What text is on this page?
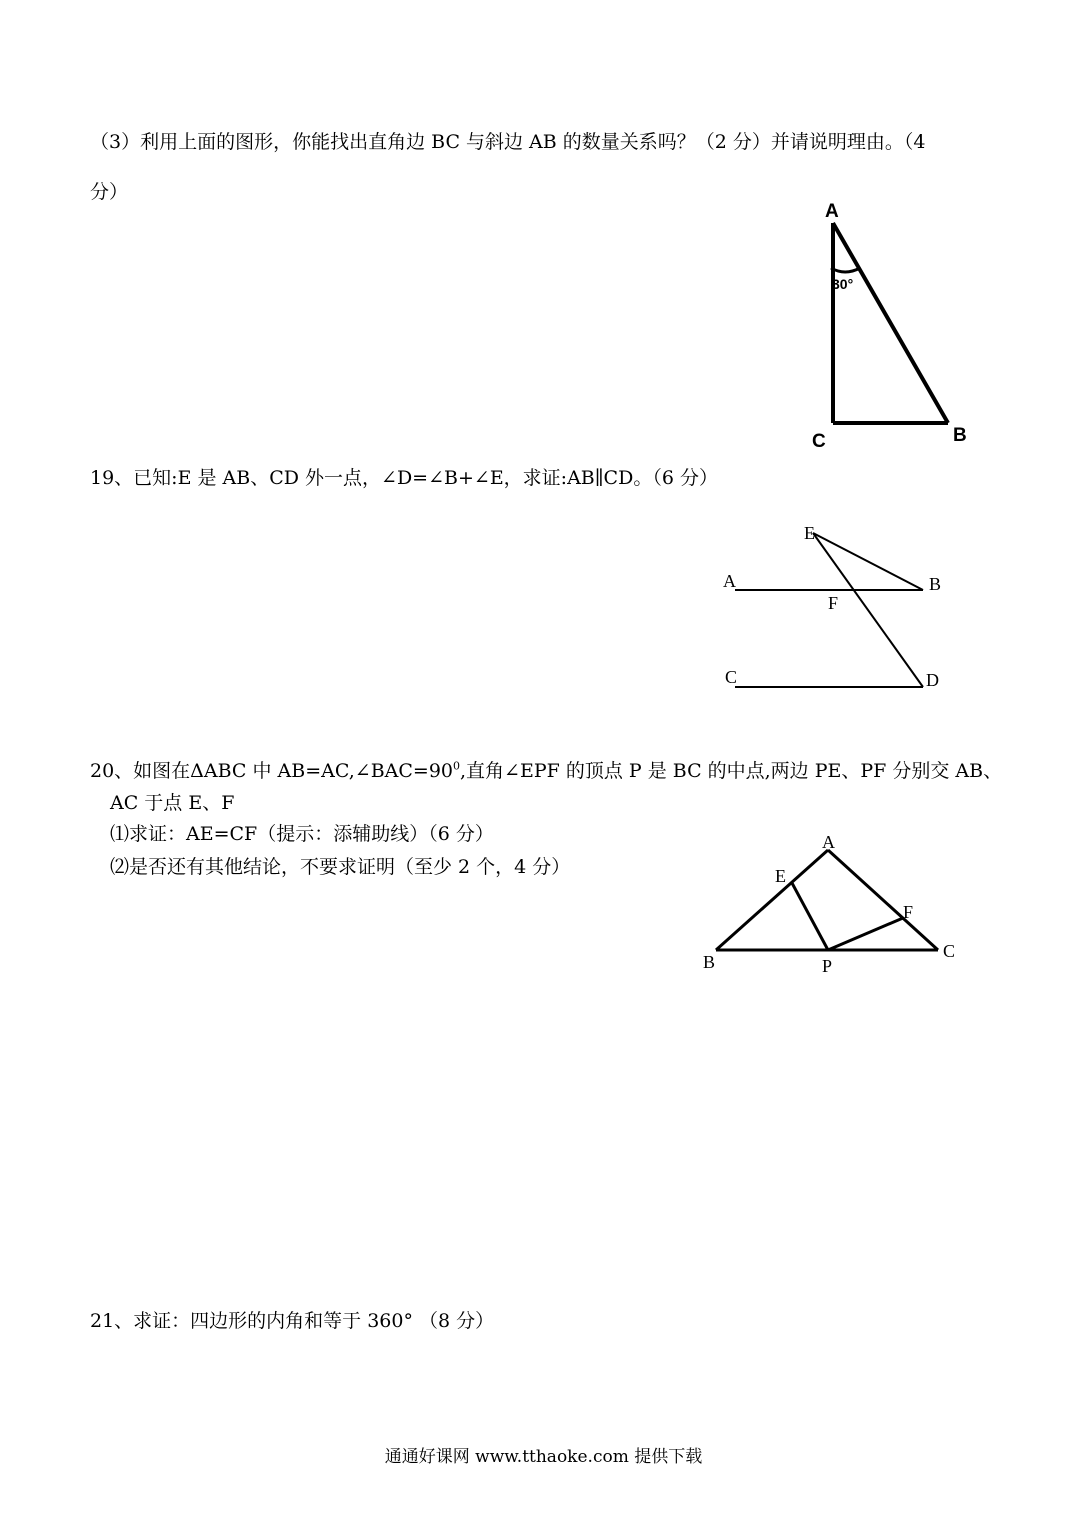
（3）利用上面的图形，你能找出直角边 BC 与斜边 AB 的数量关系吗？（2 分）并请说明理由。（4
分）
A
C	B
30°
19、已知:E 是 AB、CD 外一点，∠D=∠B+∠E，求证:AB∥CD。（6 分）
E
A	B
F
C	D
20、如图在ΔABC 中 $AB=AC,\angle BAC=90^0$,直角∠EPF 的顶点 P 是 BC 的中点,两边 PE、PF 分别交 AB、
AC 于点 E、F
⑴求证：AE=CF（提示：添辅助线）（6 分）
⑵是否还有其他结论，不要求证明（至少 2 个，4 分）
A
E
F
B	P
C
21、求证：四边形的内角和等于 360° （8 分）
通通好课网 www.tthaoke.com 提供下载
